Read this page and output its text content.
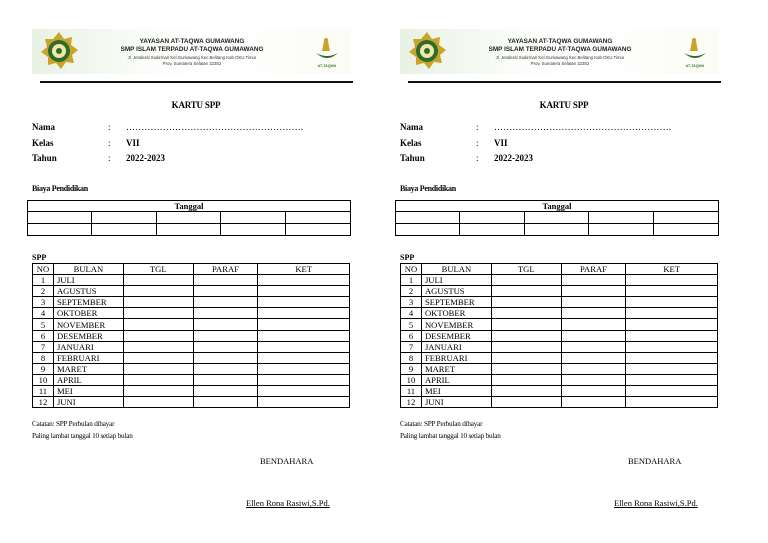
YAYASAN AT-TAQWA GUMAWANG
SMP ISLAM TERPADU AT-TAQWA GUMAWANG
Jl. Jenderal Sudirman Kel.Gumawang Kec.Belitang Kab.OKU Timur
Prov. Sumatera Selatan 32382	AT-TAQWA
KARTU SPP
Nama	: ………………………………………………….
Kelas	: VII
Tahun	: 2022-2023
Biaya Pendidikan
Tanggal				

SPP
NO	BULAN	TGL	PARAF	KET
1	JULI			
2	AGUSTUS			
3	SEPTEMBER			
4	OKTOBER			
5	NOVEMBER			
6	DESEMBER			
7	JANUARI			
8	FEBRUARI			
9	MARET			
10	APRIL			
11	MEI			
12	JUNI			
Catatan: SPP Perbulan dibayar
Paling lambat tanggal 10 setiap bulan
BENDAHARA
Ellen Rona Rasiwi,S.Pd.
YAYASAN AT-TAQWA GUMAWANG
SMP ISLAM TERPADU AT-TAQWA GUMAWANG
Jl. Jenderal Sudirman Kel.Gumawang Kec.Belitang Kab.OKU Timur
Prov. Sumatera Selatan 32382	AT-TAQWA
KARTU SPP
Nama	: ………………………………………………….
Kelas	: VII
Tahun	: 2022-2023
Biaya Pendidikan
Tanggal				

SPP
NO	BULAN	TGL	PARAF	KET
1	JULI			
2	AGUSTUS			
3	SEPTEMBER			
4	OKTOBER			
5	NOVEMBER			
6	DESEMBER			
7	JANUARI			
8	FEBRUARI			
9	MARET			
10	APRIL			
11	MEI			
12	JUNI			
Catatan: SPP Perbulan dibayar
Paling lambat tanggal 10 setiap bulan
BENDAHARA
Ellen Rona Rasiwi,S.Pd.
